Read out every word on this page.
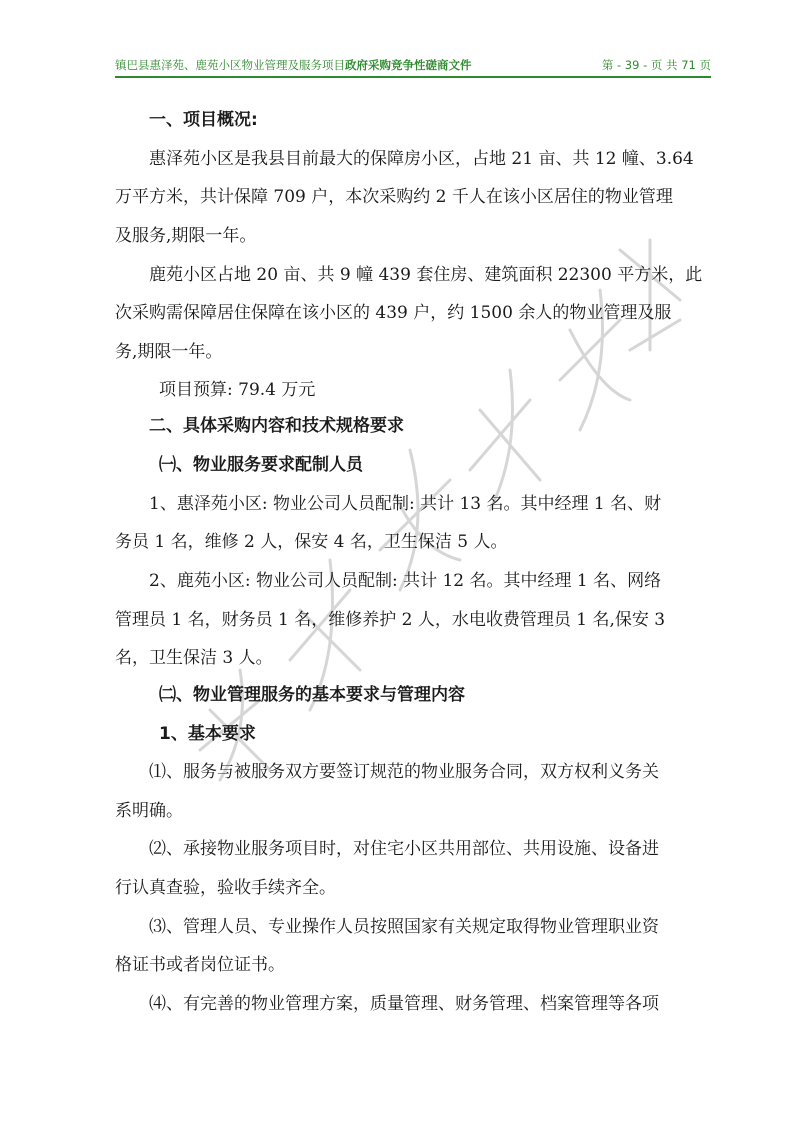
镇巴县惠泽苑、鹿苑小区物业管理及服务项目政府采购竞争性磋商文件	第 - 39 - 页 共 71 页
一、项目概况:
惠泽苑小区是我县目前最大的保障房小区，占地 21 亩、共 12 幢、3.64
万平方米，共计保障 709 户，本次采购约 2 千人在该小区居住的物业管理
及服务,期限一年。
鹿苑小区占地 20 亩、共 9 幢 439 套住房、建筑面积 22300 平方米，此
次采购需保障居住保障在该小区的 439 户，约 1500 余人的物业管理及服
务,期限一年。
项目预算: 79.4 万元
二、具体采购内容和技术规格要求
㈠、物业服务要求配制人员
1、惠泽苑小区: 物业公司人员配制: 共计 13 名。其中经理 1 名、财
务员 1 名，维修 2 人，保安 4 名，卫生保洁 5 人。
2、鹿苑小区: 物业公司人员配制: 共计 12 名。其中经理 1 名、网络
管理员 1 名，财务员 1 名，维修养护 2 人，水电收费管理员 1 名,保安 3
名，卫生保洁 3 人。
㈡、物业管理服务的基本要求与管理内容
1、基本要求
⑴、服务与被服务双方要签订规范的物业服务合同，双方权利义务关
系明确。
⑵、承接物业服务项目时，对住宅小区共用部位、共用设施、设备进
行认真查验，验收手续齐全。
⑶、管理人员、专业操作人员按照国家有关规定取得物业管理职业资
格证书或者岗位证书。
⑷、有完善的物业管理方案，质量管理、财务管理、档案管理等各项
